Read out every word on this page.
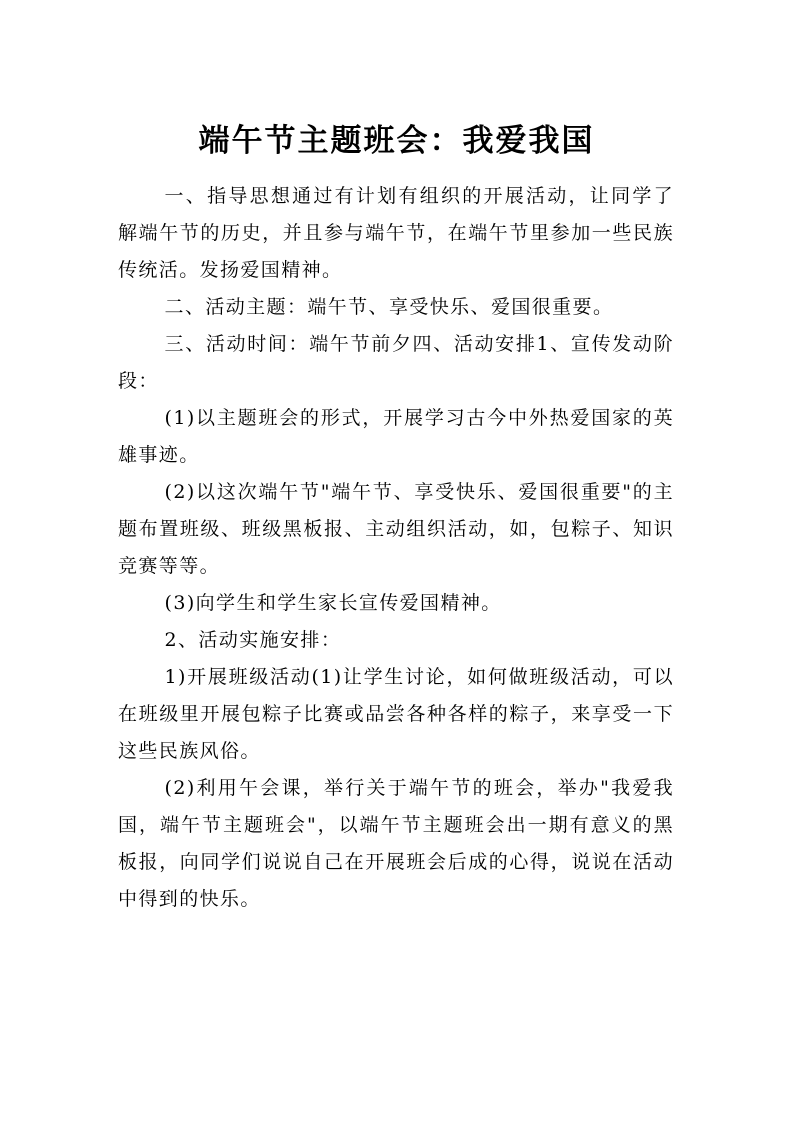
端午节主题班会：我爱我国

一、指导思想通过有计划有组织的开展活动，让同学了解端午节的历史，并且参与端午节，在端午节里参加一些民族传统活。发扬爱国精神。

二、活动主题：端午节、享受快乐、爱国很重要。

三、活动时间：端午节前夕四、活动安排1、宣传发动阶段：

(1)以主题班会的形式，开展学习古今中外热爱国家的英雄事迹。

(2)以这次端午节"端午节、享受快乐、爱国很重要"的主题布置班级、班级黑板报、主动组织活动，如，包粽子、知识竞赛等等。

(3)向学生和学生家长宣传爱国精神。

2、活动实施安排：

1)开展班级活动(1)让学生讨论，如何做班级活动，可以在班级里开展包粽子比赛或品尝各种各样的粽子，来享受一下这些民族风俗。

(2)利用午会课，举行关于端午节的班会，举办"我爱我国，端午节主题班会"，以端午节主题班会出一期有意义的黑板报，向同学们说说自己在开展班会后成的心得，说说在活动中得到的快乐。
